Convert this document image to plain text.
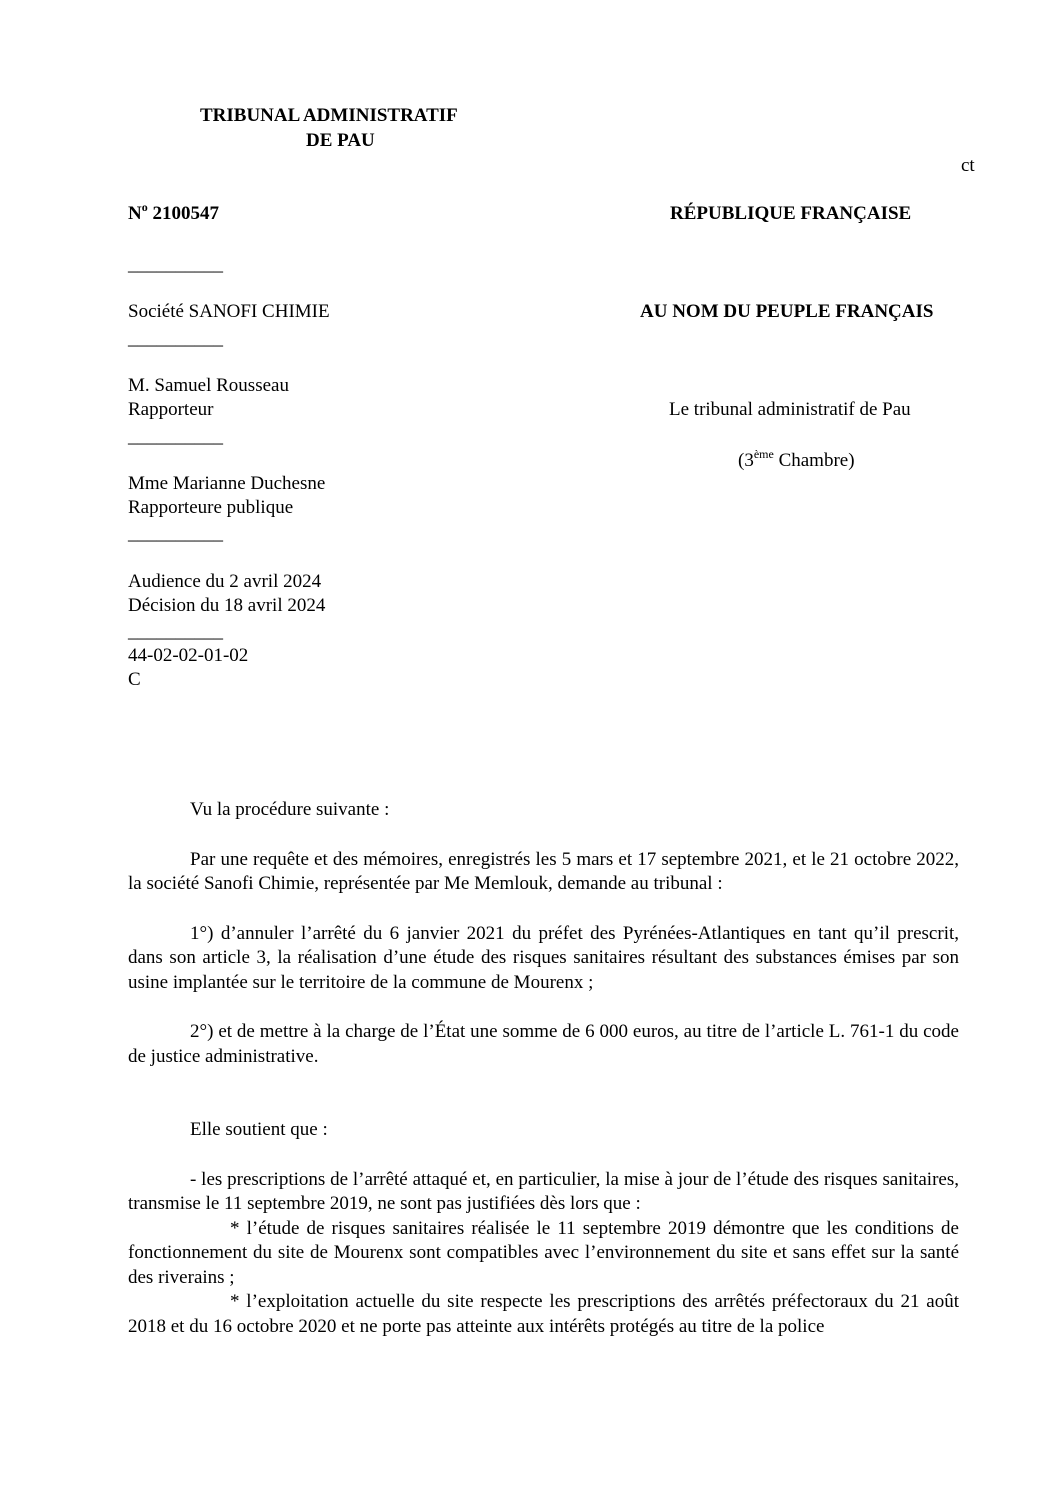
TRIBUNAL ADMINISTRATIF
DE PAU
ct
$N^o$ 2100547
__________
Société SANOFI CHIMIE
__________
M. Samuel Rousseau
Rapporteur
__________
Mme Marianne Duchesne
Rapporteure publique
__________
Audience du 2 avril 2024
Décision du 18 avril 2024
__________
44-02-02-01-02
C
RÉPUBLIQUE FRANÇAISE
AU NOM DU PEUPLE FRANÇAIS
Le tribunal administratif de Pau
(3ème Chambre)

Vu la procédure suivante :

Par une requête et des mémoires, enregistrés les 5 mars et 17 septembre 2021, et le 21 octobre 2022, la société Sanofi Chimie, représentée par Me Memlouk, demande au tribunal :

1°) d’annuler l’arrêté du 6 janvier 2021 du préfet des Pyrénées-Atlantiques en tant qu’il prescrit, dans son article 3, la réalisation d’une étude des risques sanitaires résultant des substances émises par son usine implantée sur le territoire de la commune de Mourenx ;

2°) et de mettre à la charge de l’État une somme de 6 000 euros, au titre de l’article L. 761-1 du code de justice administrative.

Elle soutient que :

- les prescriptions de l’arrêté attaqué et, en particulier, la mise à jour de l’étude des risques sanitaires, transmise le 11 septembre 2019, ne sont pas justifiées dès lors que :

* l’étude de risques sanitaires réalisée le 11 septembre 2019 démontre que les conditions de fonctionnement du site de Mourenx sont compatibles avec l’environnement du site et sans effet sur la santé des riverains ;

* l’exploitation actuelle du site respecte les prescriptions des arrêtés préfectoraux du 21 août 2018 et du 16 octobre 2020 et ne porte pas atteinte aux intérêts protégés au titre de la police
